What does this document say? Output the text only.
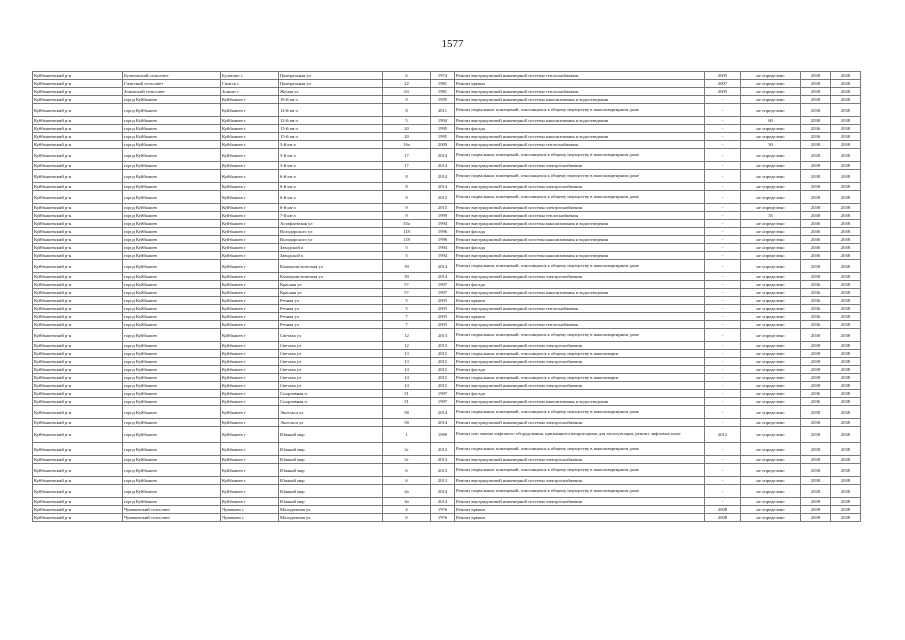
1577
Куйбышевский р-н	Булатовский сельсовет	Булатово с	Центральная ул	6	1974	Ремонт внутридомовой инженерной системы теплоснабжения	2005	не определено	2038	2038
Куйбышевский р-н	Гжатский сельсовет	Гжатск с	Центральная ул	22	1981	Ремонт крыши	2007	не определено	2038	2038
Куйбышевский р-н	Зоновский сельсовет	Зоново с	Жилая ул	63	1981	Ремонт внутридомовой инженерной системы теплоснабжения	2005	не определено	2038	2038
Куйбышевский р-н	город Куйбышев	Куйбышев г	10-й кв-л	9	1995	Ремонт внутридомовой инженерной системы канализования и водоотведения	-	не определено	2038	2038
Куйбышевский р-н	город Куйбышев	Куйбышев г	12-й кв-л	8	2011	Ремонт подвальных помещений, относящихся к общему имуществу в многоквартирном доме	-	не определено	2038	2038
Куйбышевский р-н	город Куйбышев	Куйбышев г	12-й кв-л	5	1994	Ремонт внутридомовой инженерной системы канализования и водоотведения	-	60	2038	2038
Куйбышевский р-н	город Куйбышев	Куйбышев г	15-й кв-л	20	1995	Ремонт фасада	-	не определено	2036	2038
Куйбышевский р-н	город Куйбышев	Куйбышев г	15-й кв-л	20	1995	Ремонт внутридомовой инженерной системы канализования и водоотведения	-	не определено	2036	2038
Куйбышевский р-н	город Куйбышев	Куйбышев г	3-й кв-л	16а	2009	Ремонт внутридомовой инженерной системы теплоснабжения	-	30	2038	2038
Куйбышевский р-н	город Куйбышев	Куйбышев г	3-й кв-л	17	2014	Ремонт подвальных помещений, относящихся к общему имуществу в многоквартирном доме	-	не определено	2038	2038
Куйбышевский р-н	город Куйбышев	Куйбышев г	3-й кв-л	17	2014	Ремонт внутридомовой инженерной системы электроснабжения	-	не определено	2038	2038
Куйбышевский р-н	город Куйбышев	Куйбышев г	6-й кв-л	8	2014	Ремонт подвальных помещений, относящихся к общему имуществу в многоквартирном доме	-	не определено	2038	2038
Куйбышевский р-н	город Куйбышев	Куйбышев г	6-й кв-л	8	2014	Ремонт внутридомовой инженерной системы электроснабжения	-	не определено	2038	2038
Куйбышевский р-н	город Куйбышев	Куйбышев г	6-й кв-л	9	2015	Ремонт подвальных помещений, относящихся к общему имуществу в многоквартирном доме	-	не определено	2038	2038
Куйбышевский р-н	город Куйбышев	Куйбышев г	6-й кв-л	9	2015	Ремонт внутридомовой инженерной системы электроснабжения	-	не определено	2038	2038
Куйбышевский р-н	город Куйбышев	Куйбышев г	7-й кв-л	9	1999	Ремонт внутридомовой инженерной системы теплоснабжения	-	35	2038	2038
Куйбышевский р-н	город Куйбышев	Куйбышев г	Астафьевская ул	35а	1994	Ремонт внутридомовой инженерной системы канализования и водоотведения	-	не определено	2036	2038
Куйбышевский р-н	город Куйбышев	Куйбышев г	Володарского ул	118	1996	Ремонт фасада	-	не определено	2036	2038
Куйбышевский р-н	город Куйбышев	Куйбышев г	Володарского ул	118	1996	Ремонт внутридомовой инженерной системы канализования и водоотведения	-	не определено	2036	2038
Куйбышевский р-н	город Куйбышев	Куйбышев г	Заводской п	5	1994	Ремонт фасада	-	не определено	2036	2038
Куйбышевский р-н	город Куйбышев	Куйбышев г	Заводской п	5	1994	Ремонт внутридомовой инженерной системы канализования и водоотведения	-	не определено	2036	2038
Куйбышевский р-н	город Куйбышев	Куйбышев г	Коммунистическая ул	39	2014	Ремонт подвальных помещений, относящихся к общему имуществу в многоквартирном доме	-	не определено	2038	2038
Куйбышевский р-н	город Куйбышев	Куйбышев г	Коммунистическая ул	39	2014	Ремонт внутридомовой инженерной системы электроснабжения	-	не определено	2038	2038
Куйбышевский р-н	город Куйбышев	Куйбышев г	Красная ул	57	1997	Ремонт фасада	-	не определено	2036	2038
Куйбышевский р-н	город Куйбышев	Куйбышев г	Красная ул	57	1997	Ремонт внутридомовой инженерной системы канализования и водоотведения	-	не определено	2036	2038
Куйбышевский р-н	город Куйбышев	Куйбышев г	Речная ул	5	2005	Ремонт крыши	-	не определено	2036	2038
Куйбышевский р-н	город Куйбышев	Куйбышев г	Речная ул	5	2005	Ремонт внутридомовой инженерной системы теплоснабжения	-	не определено	2036	2038
Куйбышевский р-н	город Куйбышев	Куйбышев г	Речная ул	7	2005	Ремонт крыши	-	не определено	2036	2038
Куйбышевский р-н	город Куйбышев	Куйбышев г	Речная ул	7	2005	Ремонт внутридомовой инженерной системы теплоснабжения	-	не определено	2036	2038
Куйбышевский р-н	город Куйбышев	Куйбышев г	Светлая ул	12	2013	Ремонт подвальных помещений, относящихся к общему имуществу в многоквартирном доме	-	не определено	2038	2038
Куйбышевский р-н	город Куйбышев	Куйбышев г	Светлая ул	12	2013	Ремонт внутридомовой инженерной системы электроснабжения	-	не определено	2038	2038
Куйбышевский р-н	город Куйбышев	Куйбышев г	Светлая ул	13	2015	Ремонт подвальных помещений, относящихся к общему имуществу в многокварти	-	не определено	2038	2038
Куйбышевский р-н	город Куйбышев	Куйбышев г	Светлая ул	13	2015	Ремонт внутридомовой инженерной системы электроснабжения	-	не определено	2038	2038
Куйбышевский р-н	город Куйбышев	Куйбышев г	Светлая ул	14	2015	Ремонт фасада	-	не определено	2038	2038
Куйбышевский р-н	город Куйбышев	Куйбышев г	Светлая ул	14	2015	Ремонт подвальных помещений, относящихся к общему имуществу в многокварти	-	не определено	2038	2038
Куйбышевский р-н	город Куйбышев	Куйбышев г	Светлая ул	14	2015	Ремонт внутридомовой инженерной системы электроснабжения	-	не определено	2038	2038
Куйбышевский р-н	город Куйбышев	Куйбышев г	Спортивная п	31	1997	Ремонт фасада	-	не определено	2036	2038
Куйбышевский р-н	город Куйбышев	Куйбышев г	Спортивная п	31	1997	Ремонт внутридомовой инженерной системы канализования и водоотведения	-	не определено	2036	2038
Куйбышевский р-н	город Куйбышев	Куйбышев г	Энгельса ул	58	2014	Ремонт подвальных помещений, относящихся к общему имуществу в многоквартирном доме	-	не определено	2038	2038
Куйбышевский р-н	город Куйбышев	Куйбышев г	Энгельса ул	58	2014	Ремонт внутридомовой инженерной системы электроснабжения	-	не определено	2038	2038
Куйбышевский р-н	город Куйбышев	Куйбышев г	Южный мкр	1	1989	Ремонт или замена лифтового оборудования, признанного непригодным для эксплуатации, ремонт лифтовых шахт	2012	не определено	2038	2038
Куйбышевский р-н	город Куйбышев	Куйбышев г	Южный мкр	2г	2013	Ремонт подвальных помещений, относящихся к общему имуществу в многоквартирном доме	-	не определено	2038	2038
Куйбышевский р-н	город Куйбышев	Куйбышев г	Южный мкр	2г	2013	Ремонт внутридомовой инженерной системы электроснабжения	-	не определено	2038	2038
Куйбышевский р-н	город Куйбышев	Куйбышев г	Южный мкр	6	2013	Ремонт подвальных помещений, относящихся к общему имуществу в многоквартирном доме	-	не определено	2038	2038
Куйбышевский р-н	город Куйбышев	Куйбышев г	Южный мкр	6	2013	Ремонт внутридомовой инженерной системы электроснабжения	-	не определено	2038	2038
Куйбышевский р-н	город Куйбышев	Куйбышев г	Южный мкр	4а	2014	Ремонт подвальных помещений, относящихся к общему имуществу в многоквартирном доме	-	не определено	2038	2038
Куйбышевский р-н	город Куйбышев	Куйбышев г	Южный мкр	4а	2014	Ремонт внутридомовой инженерной системы электроснабжения	-	не определено	2038	2038
Куйбышевский р-н	Чумаковский сельсовет	Чумаково с	Молодежная ул	4	1976	Ремонт крыши	2008	не определено	2038	2038
Куйбышевский р-н	Чумаковский сельсовет	Чумаково с	Молодежная ул	6	1976	Ремонт крыши	2008	не определено	2038	2038
